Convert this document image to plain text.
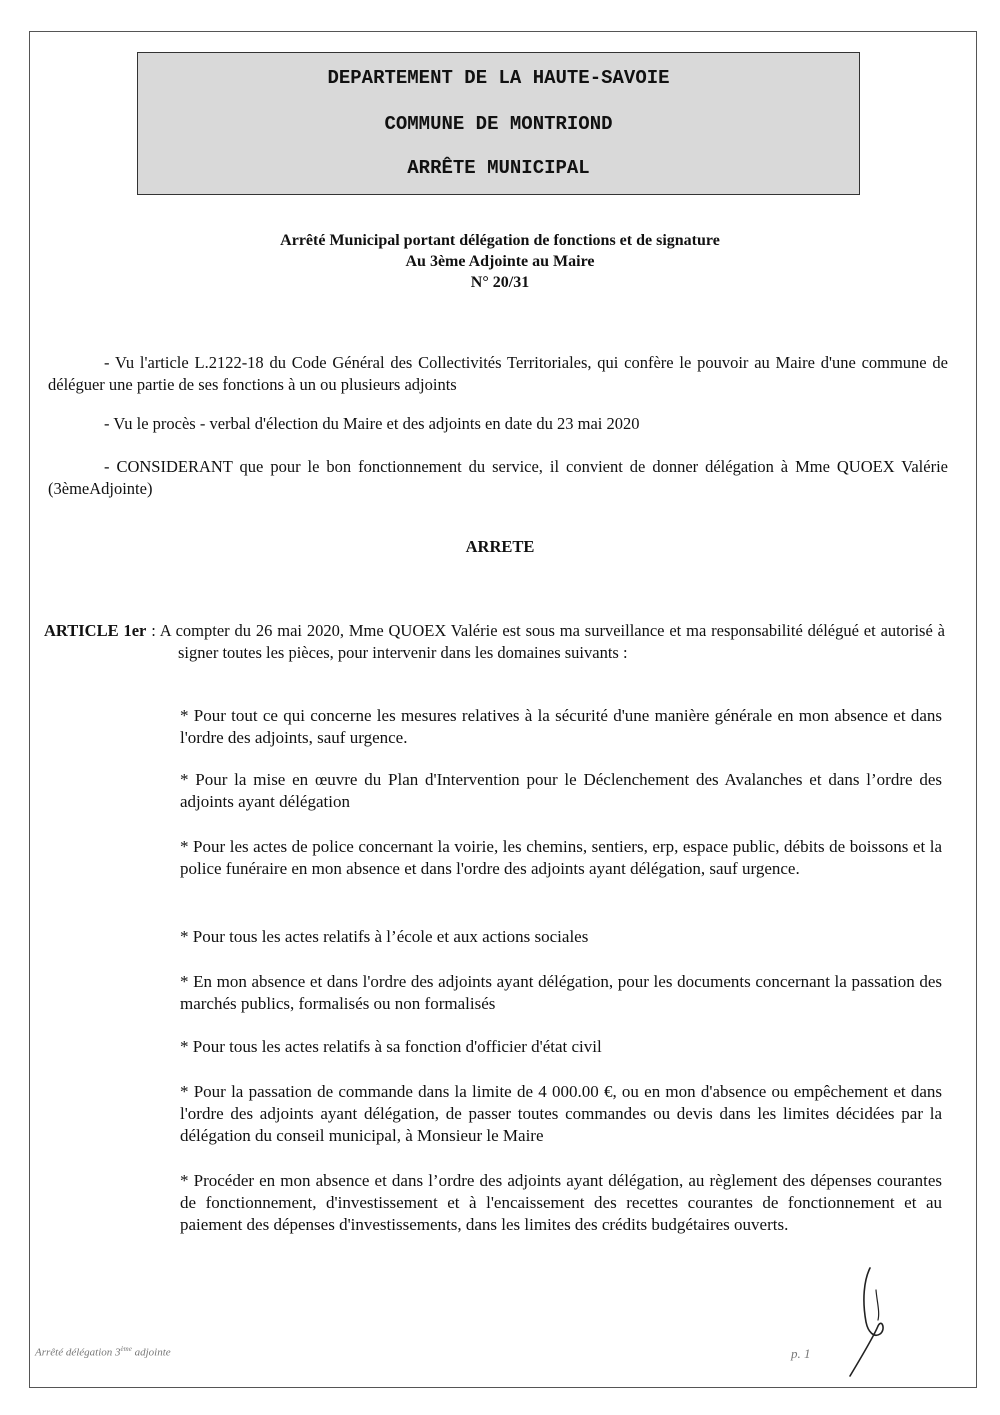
DEPARTEMENT DE LA HAUTE-SAVOIE
COMMUNE DE MONTRIOND
ARRÊTE MUNICIPAL
Arrêté Municipal portant délégation de fonctions et de signature
Au 3ème Adjointe au Maire
N° 20/31
- Vu l'article L.2122-18 du Code Général des Collectivités Territoriales, qui confère le pouvoir au Maire d'une commune de déléguer une partie de ses fonctions à un ou plusieurs adjoints
- Vu le procès - verbal d'élection du Maire et des adjoints en date du 23 mai 2020
- CONSIDERANT que pour le bon fonctionnement du service, il convient de donner délégation à Mme QUOEX Valérie (3èmeAdjointe)
ARRETE
ARTICLE 1er : A compter du 26 mai 2020, Mme QUOEX Valérie est sous ma surveillance et ma responsabilité délégué et autorisé à signer toutes les pièces, pour intervenir dans les domaines suivants :
* Pour tout ce qui concerne les mesures relatives à la sécurité d'une manière générale en mon absence et dans l'ordre des adjoints, sauf urgence.
* Pour la mise en œuvre du Plan d'Intervention pour le Déclenchement des Avalanches et dans l’ordre des adjoints ayant délégation
* Pour les actes de police concernant la voirie, les chemins, sentiers, erp, espace public, débits de boissons et la police funéraire en mon absence et dans l'ordre des adjoints ayant délégation, sauf urgence.
* Pour tous les actes relatifs à l’école et aux actions sociales
* En mon absence et dans l'ordre des adjoints ayant délégation, pour les documents concernant la passation des marchés publics, formalisés ou non formalisés
* Pour tous les actes relatifs à sa fonction d'officier d'état civil
* Pour la passation de commande dans la limite de 4 000.00 €, ou en mon d'absence ou empêchement et dans l'ordre des adjoints ayant délégation, de passer toutes commandes ou devis dans les limites décidées par la délégation du conseil municipal, à Monsieur le Maire
* Procéder en mon absence et dans l’ordre des adjoints ayant délégation, au règlement des dépenses courantes de fonctionnement, d'investissement et à l'encaissement des recettes courantes de fonctionnement et au paiement des dépenses d'investissements, dans les limites des crédits budgétaires ouverts.
Arrêté délégation 3ème adjointe	p. 1
